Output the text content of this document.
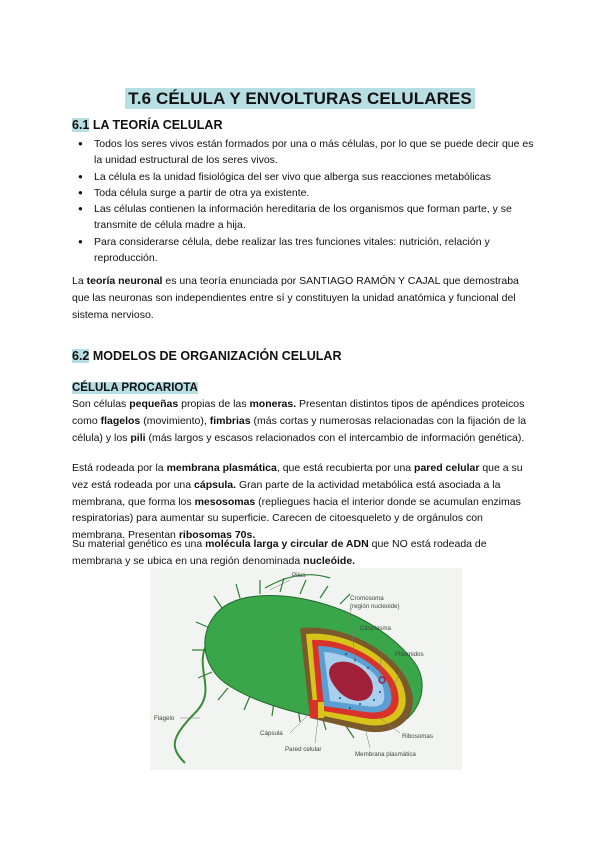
T.6 CÉLULA Y ENVOLTURAS CELULARES
6.1 LA TEORÍA CELULAR
● Todos los seres vivos están formados por una o más células, por lo que se puede decir que es la unidad estructural de los seres vivos.
● La célula es la unidad fisiológica del ser vivo que alberga sus reacciones metabólicas
● Toda célula surge a partir de otra ya existente.
● Las células contienen la información hereditaria de los organismos que forman parte, y se transmite de célula madre a hija.
● Para considerarse célula, debe realizar las tres funciones vitales: nutrición, relación y reproducción.

La teoría neuronal es una teoría enunciada por SANTIAGO RAMÓN Y CAJAL que demostraba que las neuronas son independientes entre sí y constituyen la unidad anatómica y funcional del sistema nervioso.

6.2 MODELOS DE ORGANIZACIÓN CELULAR
CÉLULA PROCARIOTA

Son células pequeñas propias de las moneras. Presentan distintos tipos de apéndices proteicos como flagelos (movimiento), fimbrias (más cortas y numerosas relacionadas con la fijación de la célula) y los pili (más largos y escasos relacionados con el intercambio de información genética).

Está rodeada por la membrana plasmática, que está recubierta por una pared celular que a su vez está rodeada por una cápsula. Gran parte de la actividad metabólica está asociada a la membrana, que forma los mesosomas (repliegues hacia el interior donde se acumulan enzimas respiratorias) para aumentar su superficie. Carecen de citoesqueleto y de orgánulos con membrana. Presentan ribosomas 70s.

Su material genético es una molécula larga y circular de ADN que NO está rodeada de membrana y se ubica en una región denominada nucleóide.

Pilus
Cromosoma
(región nucleoide)
Citoplasma
Plásmidos
Flagelo
Cápsula	Ribosomas
Pared celular
Membrana plasmática
